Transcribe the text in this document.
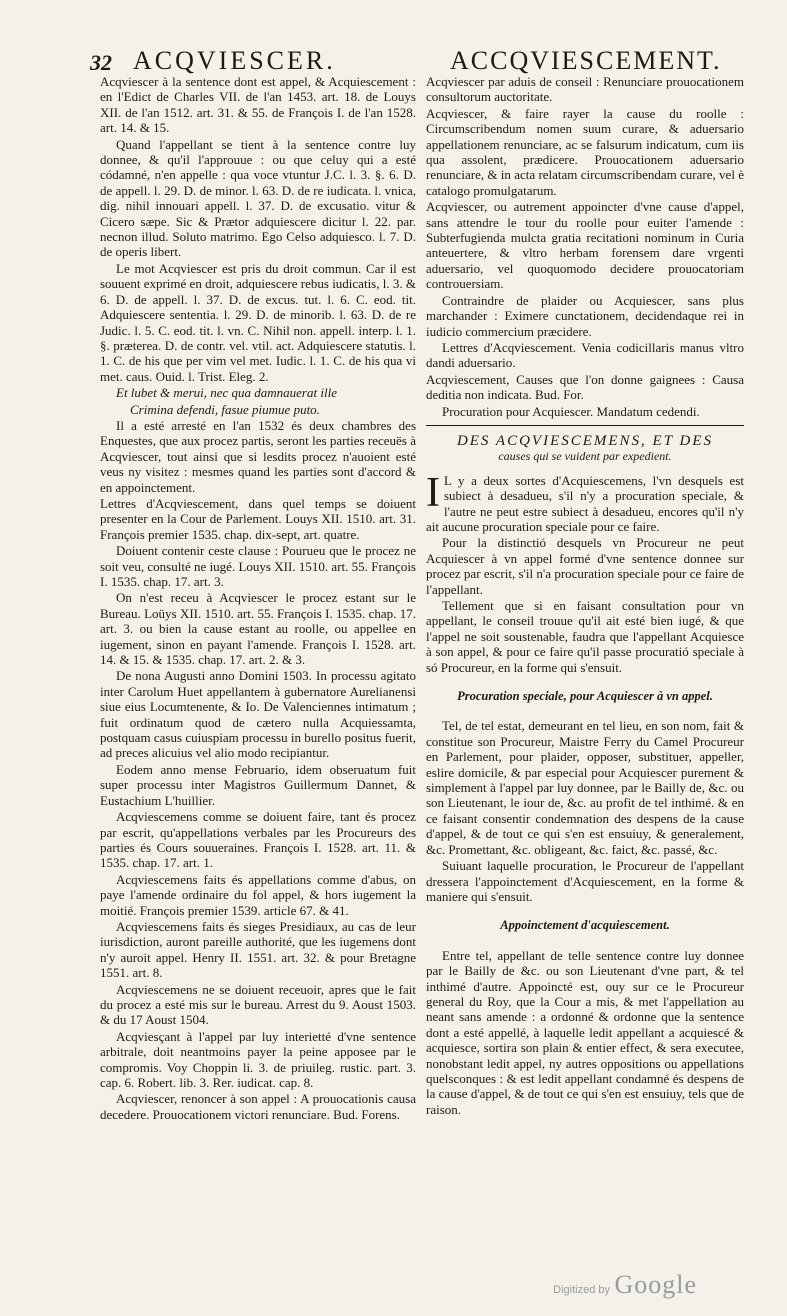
32 ACQVIESCER.	ACCQVIESCEMENT.

Acqviescer à la sentence dont est appel, & Acquiescement : en l'Edict de Charles VII. de l'an 1453. art. 18. de Louys XII. de l'an 1512. art. 31. & 55. de François I. de l'an 1528. art. 14. & 15.

Quand l'appellant se tient à la sentence contre luy donnee, & qu'il l'approuue : ou que celuy qui a esté códamné, n'en appelle : qua voce vtuntur J.C. l. 3. §. 6. D. de appell. l. 29. D. de minor. l. 63. D. de re iudicata. l. vnica, dig. nihil innouari appell. l. 37. D. de excusatio. vitur & Cicero sæpe. Sic & Prætor adquiescere dicitur l. 22. par. necnon illud. Soluto matrimo. Ego Celso adquiesco. l. 7. D. de operis libert.

Le mot Acqviescer est pris du droit commun. Car il est souuent exprimé en droit, adquiescere rebus iudicatis, l. 3. & 6. D. de appell. l. 37. D. de excus. tut. l. 6. C. eod. tit. Adquiescere sententia. l. 29. D. de minorib. l. 63. D. de re Judic. l. 5. C. eod. tit. l. vn. C. Nihil non. appell. interp. l. 1. §. præterea. D. de contr. vel. vtil. act. Adquiescere statutis. l. 1. C. de his que per vim vel met. Iudic. l. 1. C. de his qua vi met. caus. Ouid. l. Trist. Eleg. 2.

Et lubet & merui, nec qua damnauerat ille

Crimina defendi, fasue piumue puto.

Il a esté arresté en l'an 1532 és deux chambres des Enquestes, que aux procez partis, seront les parties receuës à Acqviescer, tout ainsi que si lesdits procez n'auoient esté veus ny visitez : mesmes quand les parties sont d'accord & en appoinctement.

Lettres d'Acqviescement, dans quel temps se doiuent presenter en la Cour de Parlement. Louys XII. 1510. art. 31. François premier 1535. chap. dix-sept, art. quatre.

Doiuent contenir ceste clause : Pourueu que le procez ne soit veu, consulté ne iugé. Louys XII. 1510. art. 55. François I. 1535. chap. 17. art. 3.

On n'est receu à Acqviescer le procez estant sur le Bureau. Loüys XII. 1510. art. 55. François I. 1535. chap. 17. art. 3. ou bien la cause estant au roolle, ou appellee en iugement, sinon en payant l'amende. François I. 1528. art. 14. & 15. & 1535. chap. 17. art. 2. & 3.

De nona Augusti anno Domini 1503. In processu agitato inter Carolum Huet appellantem à gubernatore Aurelianensi siue eius Locumtenente, & Io. De Valenciennes intimatum ; fuit ordinatum quod de cætero nulla Acquiessamta, postquam casus cuiuspiam processu in burello positus fuerit, ad preces alicuius vel alio modo recipiantur.

Eodem anno mense Februario, idem obseruatum fuit super processu inter Magistros Guillermum Dannet, & Eustachium L'huillier.

Acqviescemens comme se doiuent faire, tant és procez par escrit, qu'appellations verbales par les Procureurs des parties és Cours souueraines. François I. 1528. art. 11. & 1535. chap. 17. art. 1.

Acqviescemens faits és appellations comme d'abus, on paye l'amende ordinaire du fol appel, & hors iugement la moitié. François premier 1539. article 67. & 41.

Acqviescemens faits és sieges Presidiaux, au cas de leur iurisdiction, auront pareille authorité, que les iugemens dont n'y auroit appel. Henry II. 1551. art. 32. & pour Bretagne 1551. art. 8.

Acqviescemens ne se doiuent receuoir, apres que le fait du procez a esté mis sur le bureau. Arrest du 9. Aoust 1503. & du 17 Aoust 1504.

Acqviesçant à l'appel par luy interietté d'vne sentence arbitrale, doit neantmoins payer la peine apposee par le compromis. Voy Choppin li. 3. de priuileg. rustic. part. 3. cap. 6. Robert. lib. 3. Rer. iudicat. cap. 8.

Acqviescer, renoncer à son appel : A prouocationis causa decedere. Prouocationem victori renunciare. Bud. Forens.

Acqviescer par aduis de conseil : Renunciare prouocationem consultorum auctoritate.

Acqviescer, & faire rayer la cause du roolle : Circumscribendum nomen suum curare, & aduersario appellationem renunciare, ac se falsurum indicatum, cum iis qua assolent, prædicere. Prouocationem aduersario renunciare, & in acta relatam circumscribendam curare, vel è catalogo promulgatarum.

Acqviescer, ou autrement appoincter d'vne cause d'appel, sans attendre le tour du roolle pour euiter l'amende : Subterfugienda mulcta gratia recitationi nominum in Curia anteuertere, & vltro herbam forensem dare vrgenti aduersario, vel quoquomodo decidere prouocatoriam controuersiam.

Contraindre de plaider ou Acquiescer, sans plus marchander : Eximere cunctationem, decidendaque rei in iudicio commercium præcidere.

Lettres d'Acqviescement. Venia codicillaris manus vltro dandi aduersario.

Acqviescement, Causes que l'on donne gaignees : Causa deditia non indicata. Bud. For.

Procuration pour Acquiescer. Mandatum cedendi.

DES ACQVIESCEMENS, ET DES
causes qui se vuident par expedient.

I L y a deux sortes d'Acquiescemens, l'vn desquels est subiect à desadueu, s'il n'y a procuration speciale, & l'autre ne peut estre subiect à desadueu, encores qu'il n'y ait aucune procuration speciale pour ce faire.

Pour la distinctió desquels vn Procureur ne peut Acquiescer à vn appel formé d'vne sentence donnee sur procez par escrit, s'il n'a procuration speciale pour ce faire de l'appellant.

Tellement que si en faisant consultation pour vn appellant, le conseil trouue qu'il ait esté bien iugé, & que l'appel ne soit soustenable, faudra que l'appellant Acquiesce à son appel, & pour ce faire qu'il passe procuratió speciale à só Procureur, en la forme qui s'ensuit.

Procuration speciale, pour Acquiescer à vn appel.

Tel, de tel estat, demeurant en tel lieu, en son nom, fait & constitue son Procureur, Maistre Ferry du Camel Procureur en Parlement, pour plaider, opposer, substituer, appeller, eslire domicile, & par especial pour Acquiescer purement & simplement à l'appel par luy donnee, par le Bailly de, &c. ou son Lieutenant, le iour de, &c. au profit de tel inthimé. & en ce faisant consentir condemnation des despens de la cause d'appel, & de tout ce qui s'en est ensuiuy, & generalement, &c. Promettant, &c. obligeant, &c. faict, &c. passé, &c.

Suiuant laquelle procuration, le Procureur de l'appellant dressera l'appoinctement d'Acquiescement, en la forme & maniere qui s'ensuit.

Appoinctement d'acquiescement.

Entre tel, appellant de telle sentence contre luy donnee par le Bailly de &c. ou son Lieutenant d'vne part, & tel inthimé d'autre. Appoincté est, ouy sur ce le Procureur general du Roy, que la Cour a mis, & met l'appellation au neant sans amende : a ordonné & ordonne que la sentence dont a esté appellé, à laquelle ledit appellant a acquiescé & acquiesce, sortira son plain & entier effect, & sera executee, nonobstant ledit appel, ny autres oppositions ou appellations quelsconques : & est ledit appellant condamné és despens de la cause d'appel, & de tout ce qui s'en est ensuiuy, tels que de raison.

Digitized by Google
